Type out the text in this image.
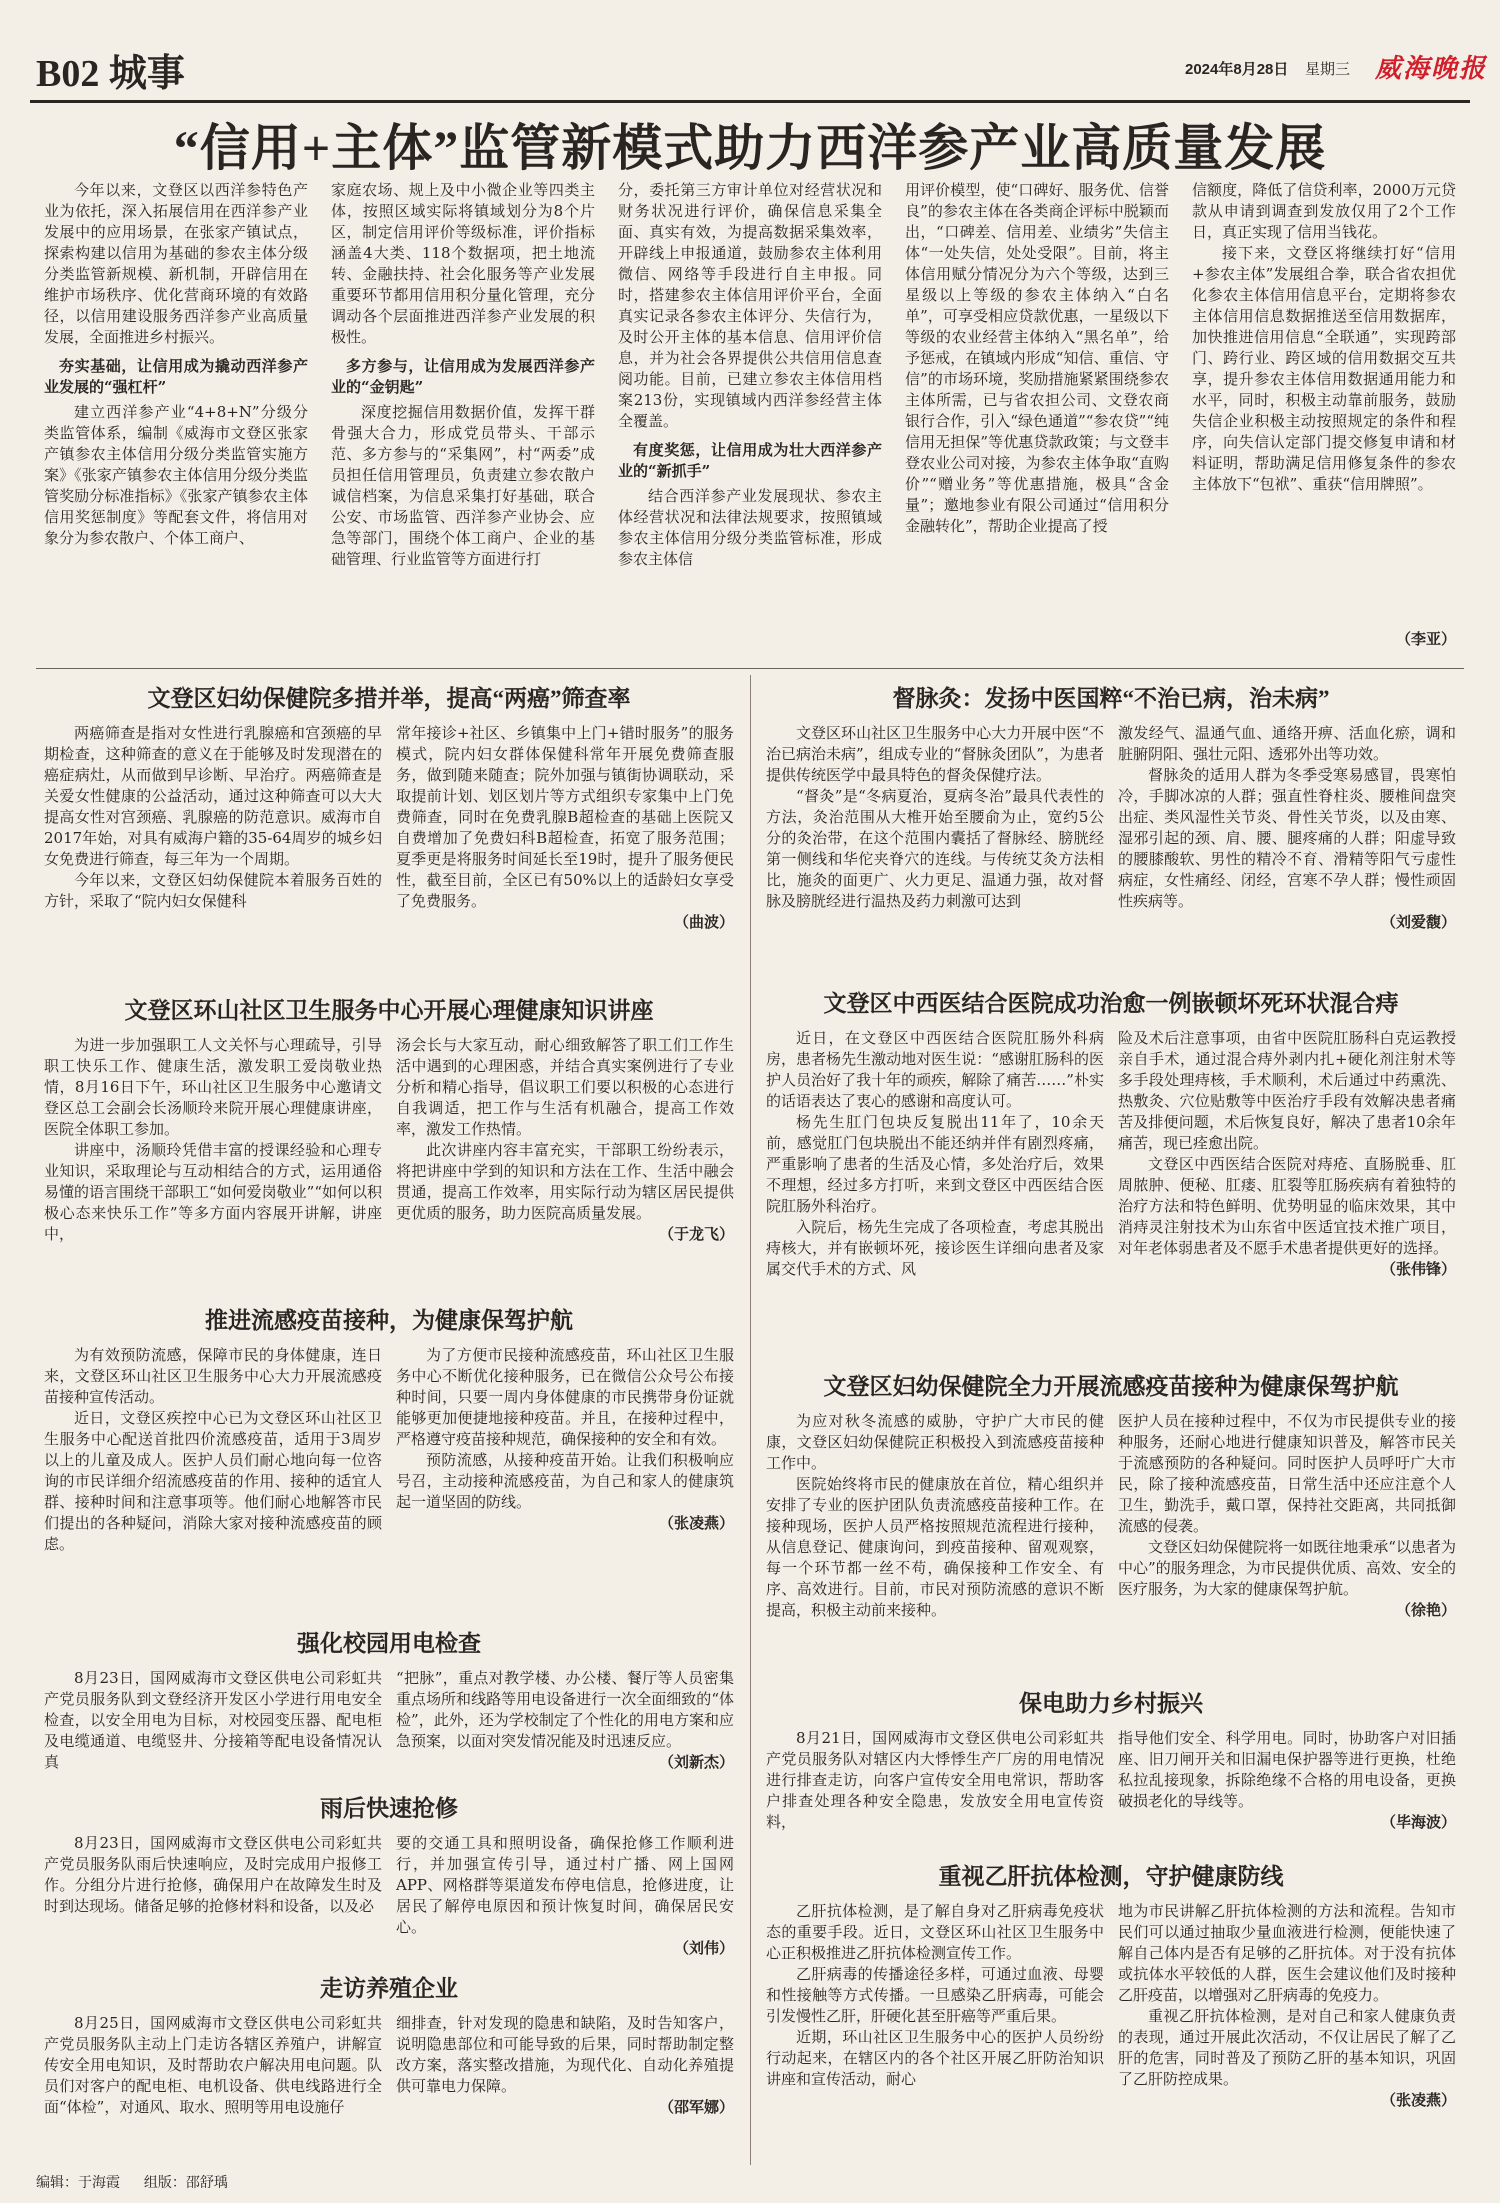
B02 城事	2024年8月28日 星期三 威海晚报
“信用+主体”监管新模式助力西洋参产业高质量发展

今年以来，文登区以西洋参特色产业为依托，深入拓展信用在西洋参产业发展中的应用场景，在张家产镇试点，探索构建以信用为基础的参农主体分级分类监管新规模、新机制，开辟信用在维护市场秩序、优化营商环境的有效路径，以信用建设服务西洋参产业高质量发展，全面推进乡村振兴。

夯实基础，让信用成为撬动西洋参产业发展的“强杠杆”

建立西洋参产业“4+8+N”分级分类监管体系，编制《威海市文登区张家产镇参农主体信用分级分类监管实施方案》《张家产镇参农主体信用分级分类监管奖励分标准指标》《张家产镇参农主体信用奖惩制度》等配套文件，将信用对象分为参农散户、个体工商户、

家庭农场、规上及中小微企业等四类主体，按照区域实际将镇域划分为8个片区，制定信用评价等级标准，评价指标涵盖4大类、118个数据项，把土地流转、金融扶持、社会化服务等产业发展重要环节都用信用积分量化管理，充分调动各个层面推进西洋参产业发展的积极性。

多方参与，让信用成为发展西洋参产业的“金钥匙”

深度挖掘信用数据价值，发挥干群骨强大合力，形成党员带头、干部示范、多方参与的“采集网”，村“两委”成员担任信用管理员，负责建立参农散户诚信档案，为信息采集打好基础，联合公安、市场监管、西洋参产业协会、应急等部门，围绕个体工商户、企业的基础管理、行业监管等方面进行打

分，委托第三方审计单位对经营状况和财务状况进行评价，确保信息采集全面、真实有效，为提高数据采集效率，开辟线上申报通道，鼓励参农主体利用微信、网络等手段进行自主申报。同时，搭建参农主体信用评价平台，全面真实记录各参农主体评分、失信行为，及时公开主体的基本信息、信用评价信息，并为社会各界提供公共信用信息查阅功能。目前，已建立参农主体信用档案213份，实现镇域内西洋参经营主体全覆盖。

有度奖惩，让信用成为壮大西洋参产业的“新抓手”

结合西洋参产业发展现状、参农主体经营状况和法律法规要求，按照镇域参农主体信用分级分类监管标准，形成参农主体信

用评价模型，使“口碑好、服务优、信誉良”的参农主体在各类商企评标中脱颖而出，“口碑差、信用差、业绩劣”失信主体“一处失信，处处受限”。目前，将主体信用赋分情况分为六个等级，达到三星级以上等级的参农主体纳入“白名单”，可享受相应贷款优惠，一星级以下等级的农业经营主体纳入“黑名单”，给予惩戒，在镇域内形成“知信、重信、守信”的市场环境，奖励措施紧紧围绕参农主体所需，已与省农担公司、文登农商银行合作，引入“绿色通道”“参农贷”“纯信用无担保”等优惠贷款政策；与文登丰登农业公司对接，为参农主体争取“直购价”“赠业务”等优惠措施，极具“含金量”；邀地参业有限公司通过“信用积分金融转化”，帮助企业提高了授

信额度，降低了信贷利率，2000万元贷款从申请到调查到发放仅用了2个工作日，真正实现了信用当钱花。

接下来，文登区将继续打好“信用+参农主体”发展组合拳，联合省农担优化参农主体信用信息平台，定期将参农主体信用信息数据推送至信用数据库，加快推进信用信息“全联通”，实现跨部门、跨行业、跨区域的信用数据交互共享，提升参农主体信用数据通用能力和水平，同时，积极主动靠前服务，鼓励失信企业积极主动按照规定的条件和程序，向失信认定部门提交修复申请和材料证明，帮助满足信用修复条件的参农主体放下“包袱”、重获“信用牌照”。

（李亚）
文登区妇幼保健院多措并举，提高“两癌”筛查率

两癌筛查是指对女性进行乳腺癌和宫颈癌的早期检查，这种筛查的意义在于能够及时发现潜在的癌症病灶，从而做到早诊断、早治疗。两癌筛查是关爱女性健康的公益活动，通过这种筛查可以大大提高女性对宫颈癌、乳腺癌的防范意识。威海市自2017年始，对具有威海户籍的35-64周岁的城乡妇女免费进行筛查，每三年为一个周期。

今年以来，文登区妇幼保健院本着服务百姓的方针，采取了“院内妇女保健科

常年接诊+社区、乡镇集中上门+错时服务”的服务模式，院内妇女群体保健科常年开展免费筛查服务，做到随来随查；院外加强与镇街协调联动，采取提前计划、划区划片等方式组织专家集中上门免费筛查，同时在免费乳腺B超检查的基础上医院又自费增加了免费妇科B超检查，拓宽了服务范围；夏季更是将服务时间延长至19时，提升了服务便民性，截至目前，全区已有50%以上的适龄妇女享受了免费服务。

（曲波）
文登区环山社区卫生服务中心开展心理健康知识讲座

为进一步加强职工人文关怀与心理疏导，引导职工快乐工作、健康生活，激发职工爱岗敬业热情，8月16日下午，环山社区卫生服务中心邀请文登区总工会副会长汤顺玲来院开展心理健康讲座，医院全体职工参加。

讲座中，汤顺玲凭借丰富的授课经验和心理专业知识，采取理论与互动相结合的方式，运用通俗易懂的语言围绕干部职工“如何爱岗敬业”“如何以积极心态来快乐工作”等多方面内容展开讲解，讲座中，

汤会长与大家互动，耐心细致解答了职工们工作生活中遇到的心理困惑，并结合真实案例进行了专业分析和精心指导，倡议职工们要以积极的心态进行自我调适，把工作与生活有机融合，提高工作效率，激发工作热情。

此次讲座内容丰富充实，干部职工纷纷表示，将把讲座中学到的知识和方法在工作、生活中融会贯通，提高工作效率，用实际行动为辖区居民提供更优质的服务，助力医院高质量发展。

（于龙飞）
推进流感疫苗接种，为健康保驾护航

为有效预防流感，保障市民的身体健康，连日来，文登区环山社区卫生服务中心大力开展流感疫苗接种宣传活动。

近日，文登区疾控中心已为文登区环山社区卫生服务中心配送首批四价流感疫苗，适用于3周岁以上的儿童及成人。医护人员们耐心地向每一位咨询的市民详细介绍流感疫苗的作用、接种的适宜人群、接种时间和注意事项等。他们耐心地解答市民们提出的各种疑问，消除大家对接种流感疫苗的顾虑。

为了方便市民接种流感疫苗，环山社区卫生服务中心不断优化接种服务，已在微信公众号公布接种时间，只要一周内身体健康的市民携带身份证就能够更加便捷地接种疫苗。并且，在接种过程中，严格遵守疫苗接种规范，确保接种的安全和有效。

预防流感，从接种疫苗开始。让我们积极响应号召，主动接种流感疫苗，为自己和家人的健康筑起一道坚固的防线。

（张凌燕）
强化校园用电检查

8月23日，国网威海市文登区供电公司彩虹共产党员服务队到文登经济开发区小学进行用电安全检查，以安全用电为目标，对校园变压器、配电柜及电缆通道、电缆竖井、分接箱等配电设备情况认真

“把脉”，重点对教学楼、办公楼、餐厅等人员密集重点场所和线路等用电设备进行一次全面细致的“体检”，此外，还为学校制定了个性化的用电方案和应急预案，以面对突发情况能及时迅速反应。

（刘新杰）
雨后快速抢修

8月23日，国网威海市文登区供电公司彩虹共产党员服务队雨后快速响应，及时完成用户报修工作。分组分片进行抢修，确保用户在故障发生时及时到达现场。储备足够的抢修材料和设备，以及必

要的交通工具和照明设备，确保抢修工作顺利进行，并加强宣传引导，通过村广播、网上国网APP、网格群等渠道发布停电信息，抢修进度，让居民了解停电原因和预计恢复时间，确保居民安心。

（刘伟）
走访养殖企业

8月25日，国网威海市文登区供电公司彩虹共产党员服务队主动上门走访各辖区养殖户，讲解宣传安全用电知识，及时帮助农户解决用电问题。队员们对客户的配电柜、电机设备、供电线路进行全面“体检”，对通风、取水、照明等用电设施仔

细排查，针对发现的隐患和缺陷，及时告知客户，说明隐患部位和可能导致的后果，同时帮助制定整改方案，落实整改措施，为现代化、自动化养殖提供可靠电力保障。

（邵军娜）
督脉灸：发扬中医国粹“不治已病，治未病”

文登区环山社区卫生服务中心大力开展中医“不治已病治未病”，组成专业的“督脉灸团队”，为患者提供传统医学中最具特色的督灸保健疗法。

“督灸”是“冬病夏治，夏病冬治”最具代表性的方法，灸治范围从大椎开始至腰俞为止，宽约5公分的灸治带，在这个范围内囊括了督脉经、膀胱经第一侧线和华佗夹脊穴的连线。与传统艾灸方法相比，施灸的面更广、火力更足、温通力强，故对督脉及膀胱经进行温热及药力刺激可达到

激发经气、温通气血、通络开痹、活血化瘀，调和脏腑阴阳、强壮元阳、透邪外出等功效。

督脉灸的适用人群为冬季受寒易感冒，畏寒怕冷，手脚冰凉的人群；强直性脊柱炎、腰椎间盘突出症、类风湿性关节炎、骨性关节炎，以及由寒、湿邪引起的颈、肩、腰、腿疼痛的人群；阳虚导致的腰膝酸软、男性的精冷不育、滑精等阳气亏虚性病症，女性痛经、闭经，宫寒不孕人群；慢性顽固性疾病等。

（刘爱馥）
文登区中西医结合医院成功治愈一例嵌顿坏死环状混合痔

近日，在文登区中西医结合医院肛肠外科病房，患者杨先生激动地对医生说：“感谢肛肠科的医护人员治好了我十年的顽疾，解除了痛苦……”朴实的话语表达了衷心的感谢和高度认可。

杨先生肛门包块反复脱出11年了，10余天前，感觉肛门包块脱出不能还纳并伴有剧烈疼痛，严重影响了患者的生活及心情，多处治疗后，效果不理想，经过多方打听，来到文登区中西医结合医院肛肠外科治疗。

入院后，杨先生完成了各项检查，考虑其脱出痔核大，并有嵌顿坏死，接诊医生详细向患者及家属交代手术的方式、风

险及术后注意事项，由省中医院肛肠科白克运教授亲自手术，通过混合痔外剥内扎+硬化剂注射术等多手段处理痔核，手术顺利，术后通过中药熏洗、热敷灸、穴位贴敷等中医治疗手段有效解决患者痛苦及排便问题，术后恢复良好，解决了患者10余年痛苦，现已痊愈出院。

文登区中西医结合医院对痔疮、直肠脱垂、肛周脓肿、便秘、肛瘘、肛裂等肛肠疾病有着独特的治疗方法和特色鲜明、优势明显的临床效果，其中消痔灵注射技术为山东省中医适宜技术推广项目，对年老体弱患者及不愿手术患者提供更好的选择。

（张伟锋）
文登区妇幼保健院全力开展流感疫苗接种为健康保驾护航

为应对秋冬流感的威胁，守护广大市民的健康，文登区妇幼保健院正积极投入到流感疫苗接种工作中。

医院始终将市民的健康放在首位，精心组织并安排了专业的医护团队负责流感疫苗接种工作。在接种现场，医护人员严格按照规范流程进行接种，从信息登记、健康询问，到疫苗接种、留观观察，每一个环节都一丝不苟，确保接种工作安全、有序、高效进行。目前，市民对预防流感的意识不断提高，积极主动前来接种。

医护人员在接种过程中，不仅为市民提供专业的接种服务，还耐心地进行健康知识普及，解答市民关于流感预防的各种疑问。同时医护人员呼吁广大市民，除了接种流感疫苗，日常生活中还应注意个人卫生，勤洗手，戴口罩，保持社交距离，共同抵御流感的侵袭。

文登区妇幼保健院将一如既往地秉承“以患者为中心”的服务理念，为市民提供优质、高效、安全的医疗服务，为大家的健康保驾护航。

（徐艳）
保电助力乡村振兴

8月21日，国网威海市文登区供电公司彩虹共产党员服务队对辖区内大悸悸生产厂房的用电情况进行排查走访，向客户宣传安全用电常识，帮助客户排查处理各种安全隐患，发放安全用电宣传资料，

指导他们安全、科学用电。同时，协助客户对旧插座、旧刀闸开关和旧漏电保护器等进行更换，杜绝私拉乱接现象，拆除绝缘不合格的用电设备，更换破损老化的导线等。

（毕海波）
重视乙肝抗体检测，守护健康防线

乙肝抗体检测，是了解自身对乙肝病毒免疫状态的重要手段。近日，文登区环山社区卫生服务中心正积极推进乙肝抗体检测宣传工作。

乙肝病毒的传播途径多样，可通过血液、母婴和性接触等方式传播。一旦感染乙肝病毒，可能会引发慢性乙肝，肝硬化甚至肝癌等严重后果。

近期，环山社区卫生服务中心的医护人员纷纷行动起来，在辖区内的各个社区开展乙肝防治知识讲座和宣传活动，耐心

地为市民讲解乙肝抗体检测的方法和流程。告知市民们可以通过抽取少量血液进行检测，便能快速了解自己体内是否有足够的乙肝抗体。对于没有抗体或抗体水平较低的人群，医生会建议他们及时接种乙肝疫苗，以增强对乙肝病毒的免疫力。

重视乙肝抗体检测，是对自己和家人健康负责的表现，通过开展此次活动，不仅让居民了解了乙肝的危害，同时普及了预防乙肝的基本知识，巩固了乙肝防控成果。

（张凌燕）
编辑：于海霞 组版：邵舒瑀
